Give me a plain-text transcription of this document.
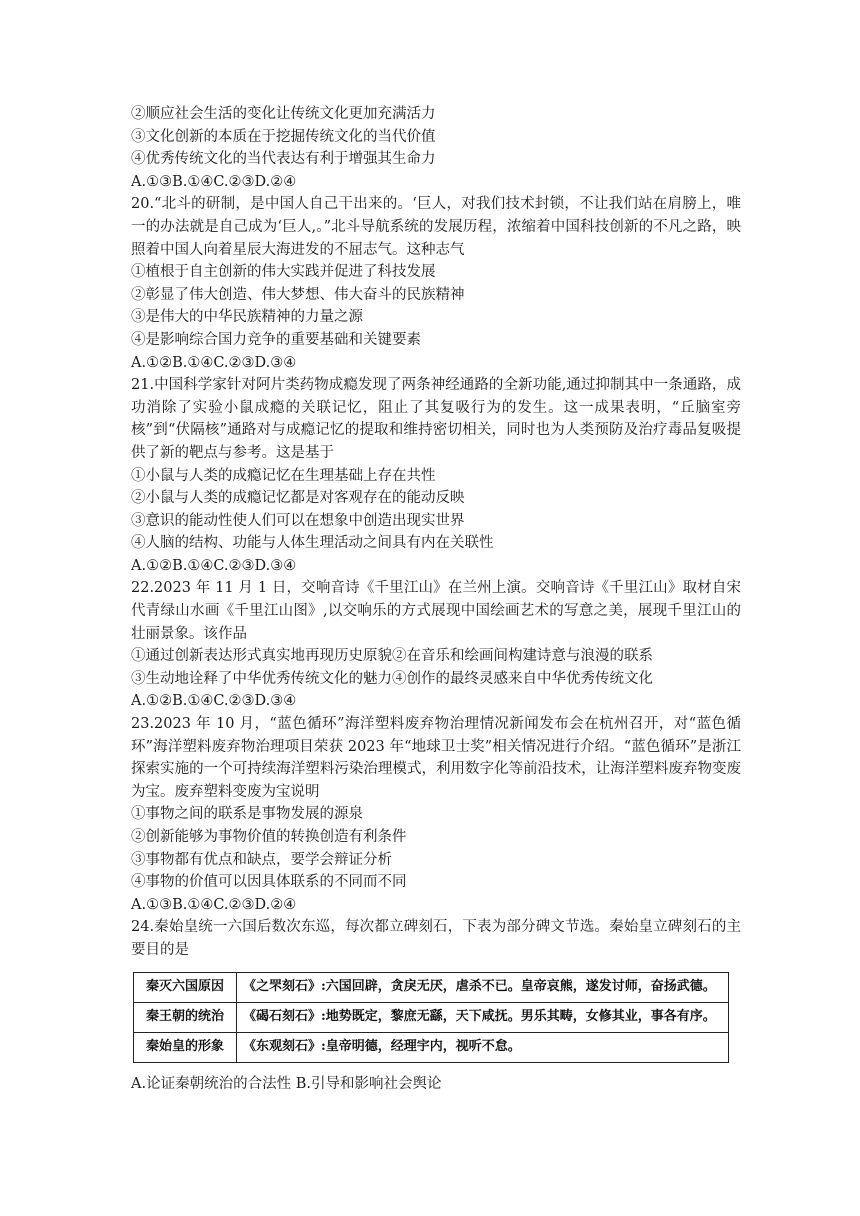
②顺应社会生活的变化让传统文化更加充满活力
③文化创新的本质在于挖掘传统文化的当代价值
④优秀传统文化的当代表达有利于增强其生命力
A.①③B.①④C.②③D.②④
20.“北斗的研制，是中国人自己干出来的。‘巨人，对我们技术封锁，不让我们站在肩膀上，唯一的办法就是自己成为‘巨人,。”北斗导航系统的发展历程，浓缩着中国科技创新的不凡之路，映照着中国人向着星辰大海进发的不屈志气。这种志气
①植根于自主创新的伟大实践并促进了科技发展
②彰显了伟大创造、伟大梦想、伟大奋斗的民族精神
③是伟大的中华民族精神的力量之源
④是影响综合国力竞争的重要基础和关键要素
A.①②B.①④C.②③D.③④
21.中国科学家针对阿片类药物成瘾发现了两条神经通路的全新功能,通过抑制其中一条通路，成功消除了实验小鼠成瘾的关联记忆，阻止了其复吸行为的发生。这一成果表明，“丘脑室旁核”到“伏隔核”通路对与成瘾记忆的提取和维持密切相关，同时也为人类预防及治疗毒品复吸提供了新的靶点与参考。这是基于
①小鼠与人类的成瘾记忆在生理基础上存在共性
②小鼠与人类的成瘾记忆都是对客观存在的能动反映
③意识的能动性使人们可以在想象中创造出现实世界
④人脑的结构、功能与人体生理活动之间具有内在关联性
A.①②B.①④C.②③D.③④
22.2023 年 11 月 1 日，交响音诗《千里江山》在兰州上演。交响音诗《千里江山》取材自宋代青绿山水画《千里江山图》,以交响乐的方式展现中国绘画艺术的写意之美，展现千里江山的壮丽景象。该作品
①通过创新表达形式真实地再现历史原貌②在音乐和绘画间构建诗意与浪漫的联系
③生动地诠释了中华优秀传统文化的魅力④创作的最终灵感来自中华优秀传统文化
A.①②B.①④C.②③D.③④
23.2023 年 10 月，“蓝色循环”海洋塑料废弃物治理情况新闻发布会在杭州召开，对“蓝色循环”海洋塑料废弃物治理项目荣获 2023 年“地球卫士奖”相关情况进行介绍。“蓝色循环”是浙江探索实施的一个可持续海洋塑料污染治理模式，利用数字化等前沿技术，让海洋塑料废弃物变废为宝。废弃塑料变废为宝说明
①事物之间的联系是事物发展的源泉
②创新能够为事物价值的转换创造有利条件
③事物都有优点和缺点，要学会辩证分析
④事物的价值可以因具体联系的不同而不同
A.①③B.①④C.②③D.②④
24.秦始皇统一六国后数次东巡，每次都立碑刻石，下表为部分碑文节选。秦始皇立碑刻石的主要目的是
秦灭六国原因	《之罘刻石》:六国回辟，贪戾无厌，虐杀不已。皇帝哀熊，遂发讨师，奋扬武德。
秦王朝的统治	《碣石刻石》:地势既定，黎庶无繇，天下咸抚。男乐其畴，女修其业，事各有序。
秦始皇的形象	《东观刻石》:皇帝明德，经理宇内，视听不怠。
A.论证秦朝统治的合法性 B.引导和影响社会舆论
